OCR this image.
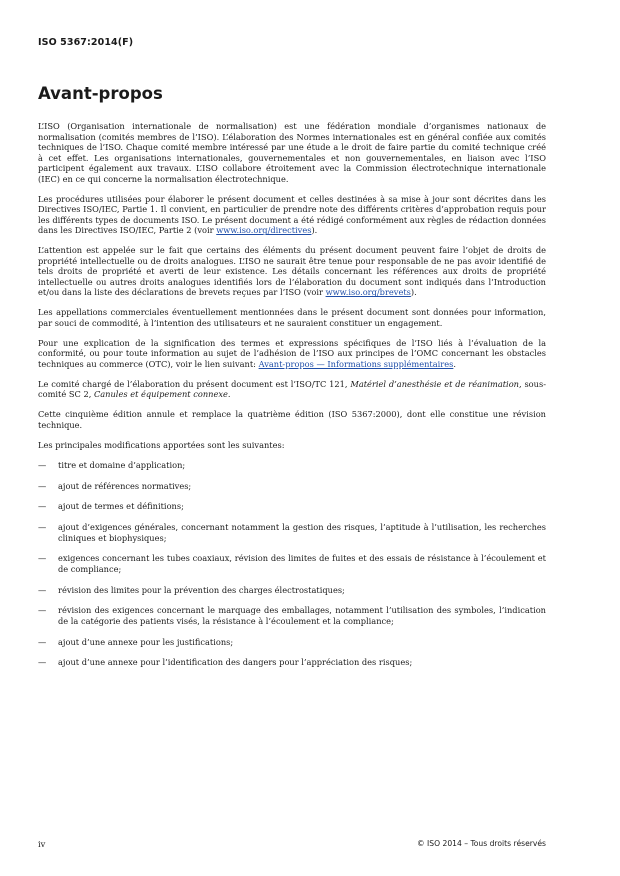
ISO 5367:2014(F)
Avant-propos

L’ISO (Organisation internationale de normalisation) est une fédération mondiale d’organismes nationaux de normalisation (comités membres de l’ISO). L’élaboration des Normes internationales est en général confiée aux comités techniques de l’ISO. Chaque comité membre intéressé par une étude a le droit de faire partie du comité technique créé à cet effet. Les organisations internationales, gouvernementales et non gouvernementales, en liaison avec l’ISO participent également aux travaux. L’ISO collabore étroitement avec la Commission électrotechnique internationale (IEC) en ce qui concerne la normalisation électrotechnique.

Les procédures utilisées pour élaborer le présent document et celles destinées à sa mise à jour sont décrites dans les Directives ISO/IEC, Partie 1. Il convient, en particulier de prendre note des différents critères d’approbation requis pour les différents types de documents ISO. Le présent document a été rédigé conformément aux règles de rédaction données dans les Directives ISO/IEC, Partie 2 (voir www.iso.org/directives).

L’attention est appelée sur le fait que certains des éléments du présent document peuvent faire l’objet de droits de propriété intellectuelle ou de droits analogues. L’ISO ne saurait être tenue pour responsable de ne pas avoir identifié de tels droits de propriété et averti de leur existence. Les détails concernant les références aux droits de propriété intellectuelle ou autres droits analogues identifiés lors de l’élaboration du document sont indiqués dans l’Introduction et/ou dans la liste des déclarations de brevets reçues par l’ISO (voir www.iso.org/brevets).

Les appellations commerciales éventuellement mentionnées dans le présent document sont données pour information, par souci de commodité, à l’intention des utilisateurs et ne sauraient constituer un engagement.

Pour une explication de la signification des termes et expressions spécifiques de l’ISO liés à l’évaluation de la conformité, ou pour toute information au sujet de l’adhésion de l’ISO aux principes de l’OMC concernant les obstacles techniques au commerce (OTC), voir le lien suivant: Avant-propos — Informations supplémentaires.

Le comité chargé de l’élaboration du présent document est l’ISO/TC 121, Matériel d’anesthésie et de réanimation, sous-comité SC 2, Canules et équipement connexe.

Cette cinquième édition annule et remplace la quatrième édition (ISO 5367:2000), dont elle constitue une révision technique.

Les principales modifications apportées sont les suivantes:

— titre et domaine d’application;
— ajout de références normatives;
— ajout de termes et définitions;
— ajout d’exigences générales, concernant notamment la gestion des risques, l’aptitude à l’utilisation, les recherches cliniques et biophysiques;
— exigences concernant les tubes coaxiaux, révision des limites de fuites et des essais de résistance à l’écoulement et de compliance;
— révision des limites pour la prévention des charges électrostatiques;
— révision des exigences concernant le marquage des emballages, notamment l’utilisation des symboles, l’indication de la catégorie des patients visés, la résistance à l’écoulement et la compliance;
— ajout d’une annexe pour les justifications;
— ajout d’une annexe pour l’identification des dangers pour l’appréciation des risques;
iv	© ISO 2014 – Tous droits réservés
